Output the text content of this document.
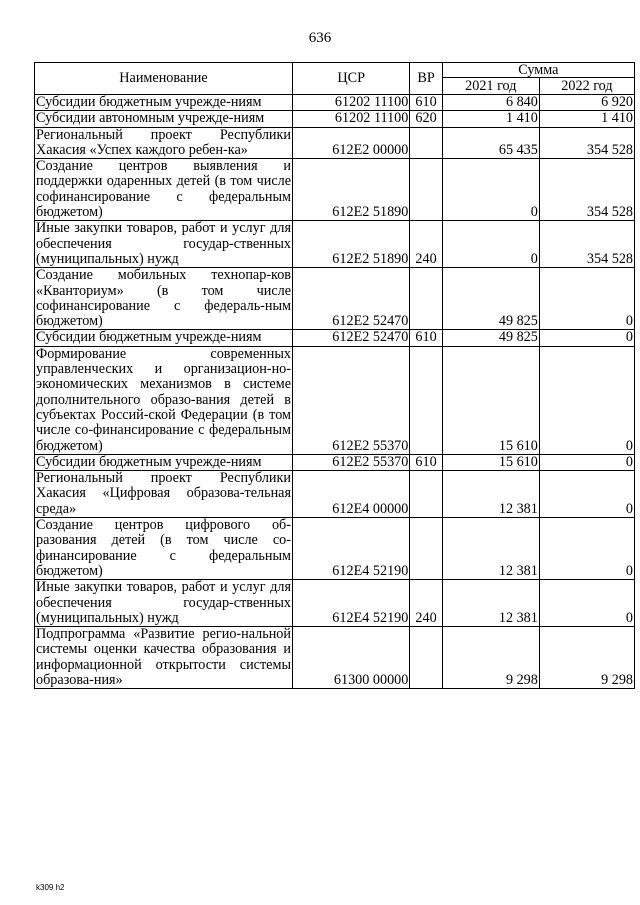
636
Наименование	ЦСР	ВР	Сумма	
			2021 год	2022 год
Субсидии бюджетным учрежде-ниям	61202 11100	610	6 840	6 920
Субсидии автономным учрежде-ниям	61202 11100	620	1 410	1 410
Региональный проект Республики Хакасия «Успех каждого ребен-ка»	612E2 00000		65 435	354 528
Создание центров выявления и поддержки одаренных детей (в том числе софинансирование с федеральным бюджетом)	612E2 51890		0	354 528
Иные закупки товаров, работ и услуг для обеспечения государ-ственных (муниципальных) нужд	612E2 51890	240	0	354 528
Создание мобильных технопар-ков «Кванториум» (в том числе софинансирование с федераль-ным бюджетом)	612E2 52470		49 825	0
Субсидии бюджетным учрежде-ниям	612E2 52470	610	49 825	0
Формирование современных управленческих и организацион-но-экономических механизмов в системе дополнительного образо-вания детей в субъектах Россий-ской Федерации (в том числе со-финансирование с федеральным бюджетом)	612E2 55370		15 610	0
Субсидии бюджетным учрежде-ниям	612E2 55370	610	15 610	0
Региональный проект Республики Хакасия «Цифровая образова-тельная среда»	612E4 00000		12 381	0
Создание центров цифрового об-разования детей (в том числе со-финансирование с федеральным бюджетом)	612E4 52190		12 381	0
Иные закупки товаров, работ и услуг для обеспечения государ-ственных (муниципальных) нужд	612E4 52190	240	12 381	0
Подпрограмма «Развитие регио-нальной системы оценки качества образования и информационной открытости системы образова-ния»	61300 00000		9 298	9 298
k309 h2
